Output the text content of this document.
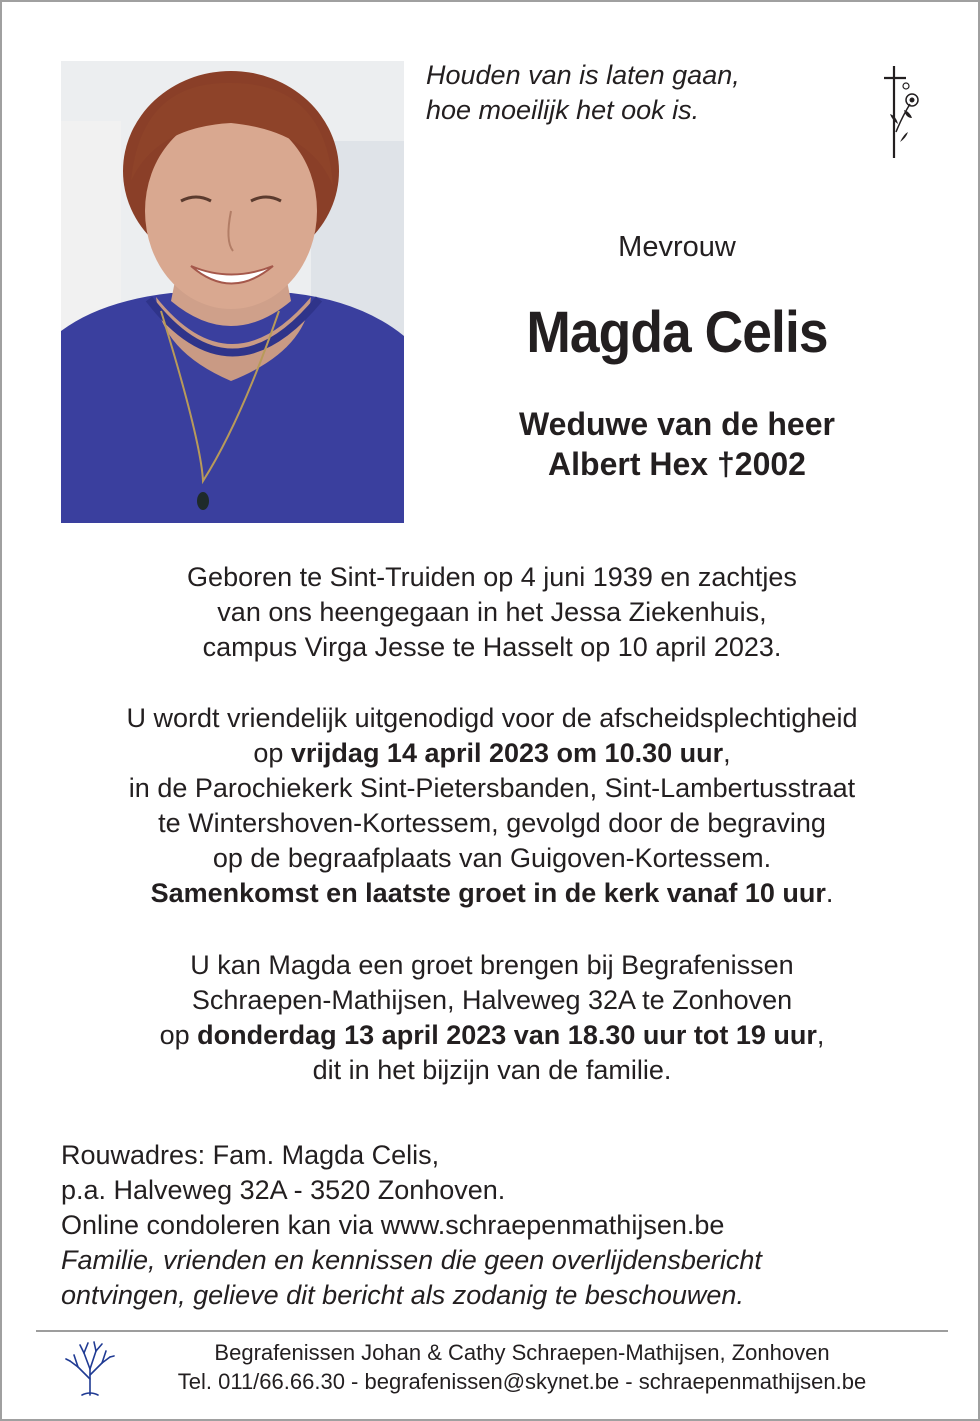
Houden van is laten gaan,
hoe moeilijk het ook is.
Mevrouw
Magda Celis
Weduwe van de heer
Albert Hex †2002
Geboren te Sint-Truiden op 4 juni 1939 en zachtjes
van ons heengegaan in het Jessa Ziekenhuis,
campus Virga Jesse te Hasselt op 10 april 2023.
U wordt vriendelijk uitgenodigd voor de afscheidsplechtigheid
op vrijdag 14 april 2023 om 10.30 uur,
in de Parochiekerk Sint-Pietersbanden, Sint-Lambertusstraat
te Wintershoven-Kortessem, gevolgd door de begraving
op de begraafplaats van Guigoven-Kortessem.
Samenkomst en laatste groet in de kerk vanaf 10 uur.
U kan Magda een groet brengen bij Begrafenissen
Schraepen-Mathijsen, Halveweg 32A te Zonhoven
op donderdag 13 april 2023 van 18.30 uur tot 19 uur,
dit in het bijzijn van de familie.
Rouwadres: Fam. Magda Celis,
p.a. Halveweg 32A - 3520 Zonhoven.
Online condoleren kan via www.schraepenmathijsen.be
Familie, vrienden en kennissen die geen overlijdensbericht
ontvingen, gelieve dit bericht als zodanig te beschouwen.
Begrafenissen Johan & Cathy Schraepen-Mathijsen, Zonhoven
Tel. 011/66.66.30 - begrafenissen@skynet.be - schraepenmathijsen.be
